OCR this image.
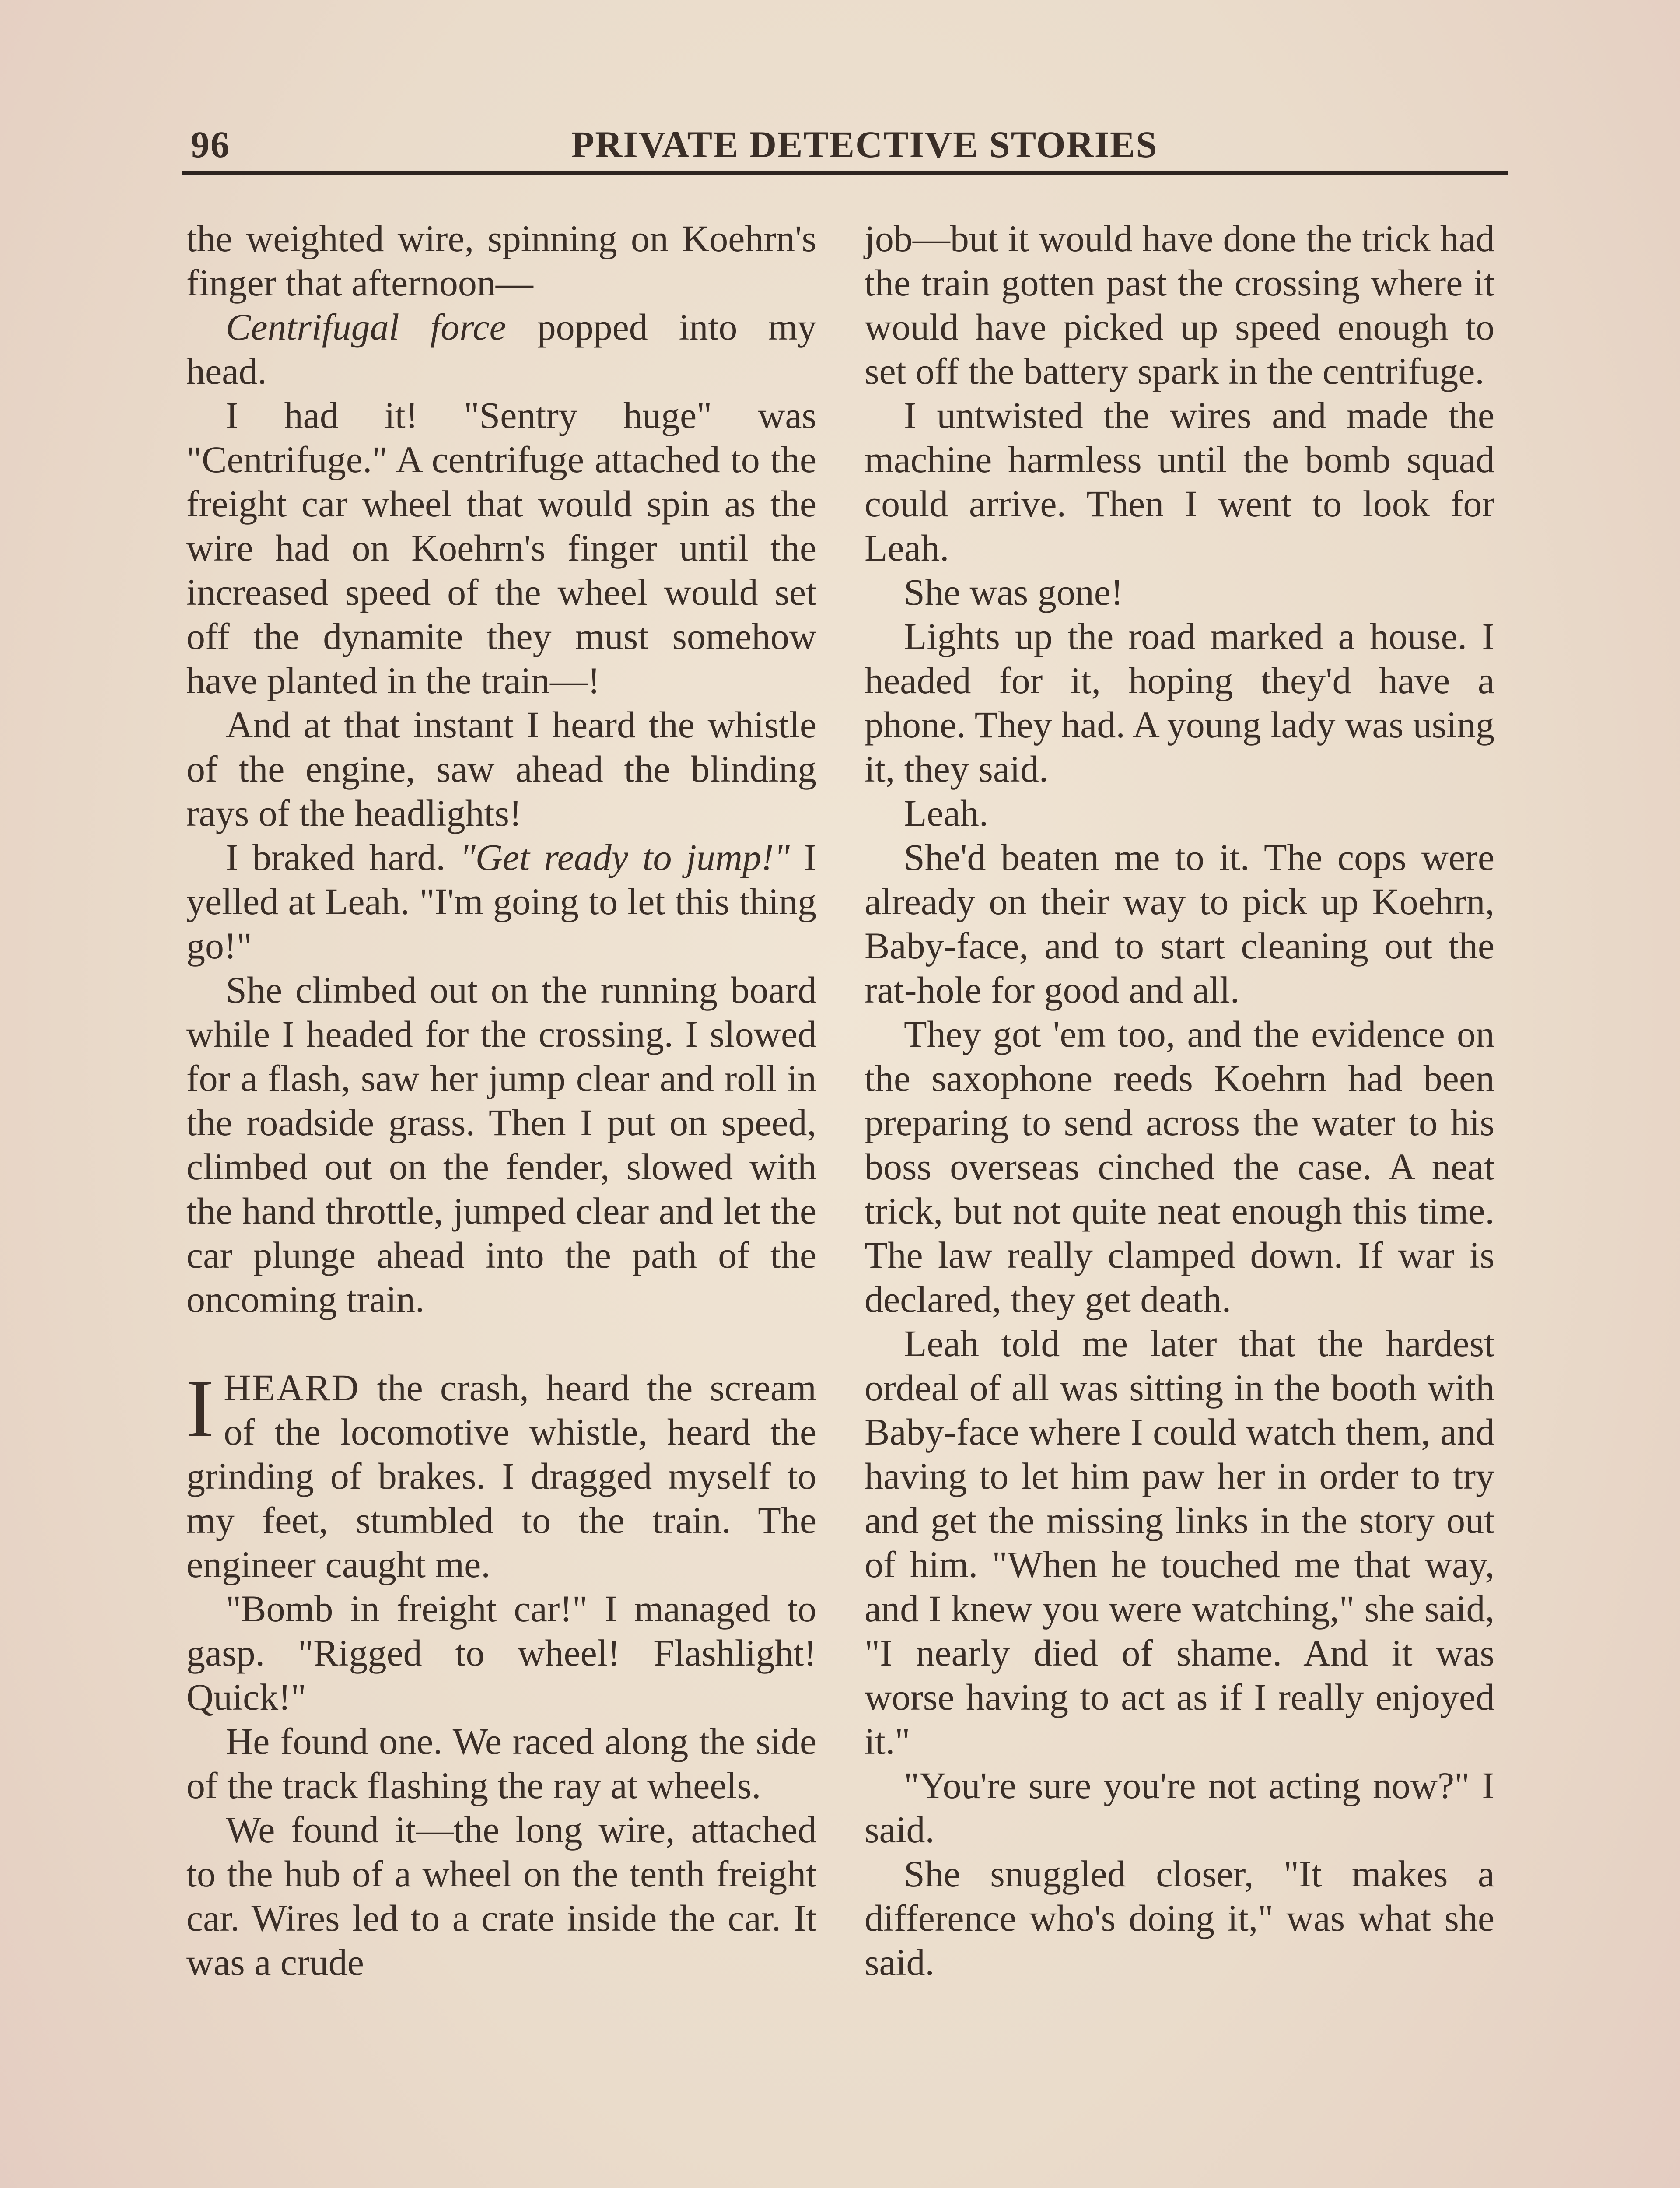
96	PRIVATE DETECTIVE STORIES

the weighted wire, spinning on Koehrn's finger that afternoon—

Centrifugal force popped into my head.

I had it! "Sentry huge" was "Centrifuge." A centrifuge attached to the freight car wheel that would spin as the wire had on Koehrn's finger until the increased speed of the wheel would set off the dynamite they must somehow have planted in the train—!

And at that instant I heard the whistle of the engine, saw ahead the blinding rays of the headlights!

I braked hard. "Get ready to jump!" I yelled at Leah. "I'm going to let this thing go!"

She climbed out on the running board while I headed for the crossing. I slowed for a flash, saw her jump clear and roll in the roadside grass. Then I put on speed, climbed out on the fender, slowed with the hand throttle, jumped clear and let the car plunge ahead into the path of the oncoming train.

IHEARD the crash, heard the scream of the locomotive whistle, heard the grinding of brakes. I dragged myself to my feet, stumbled to the train. The engineer caught me.

"Bomb in freight car!" I managed to gasp. "Rigged to wheel! Flashlight! Quick!"

He found one. We raced along the side of the track flashing the ray at wheels.

We found it—the long wire, attached to the hub of a wheel on the tenth freight car. Wires led to a crate inside the car. It was a crude

job—but it would have done the trick had the train gotten past the crossing where it would have picked up speed enough to set off the battery spark in the centrifuge.

I untwisted the wires and made the machine harmless until the bomb squad could arrive. Then I went to look for Leah.

She was gone!

Lights up the road marked a house. I headed for it, hoping they'd have a phone. They had. A young lady was using it, they said.

Leah.

She'd beaten me to it. The cops were already on their way to pick up Koehrn, Baby-face, and to start cleaning out the rat-hole for good and all.

They got 'em too, and the evidence on the saxophone reeds Koehrn had been preparing to send across the water to his boss overseas cinched the case. A neat trick, but not quite neat enough this time. The law really clamped down. If war is declared, they get death.

Leah told me later that the hardest ordeal of all was sitting in the booth with Baby-face where I could watch them, and having to let him paw her in order to try and get the missing links in the story out of him. "When he touched me that way, and I knew you were watching," she said, "I nearly died of shame. And it was worse having to act as if I really enjoyed it."

"You're sure you're not acting now?" I said.

She snuggled closer, "It makes a difference who's doing it," was what she said.
